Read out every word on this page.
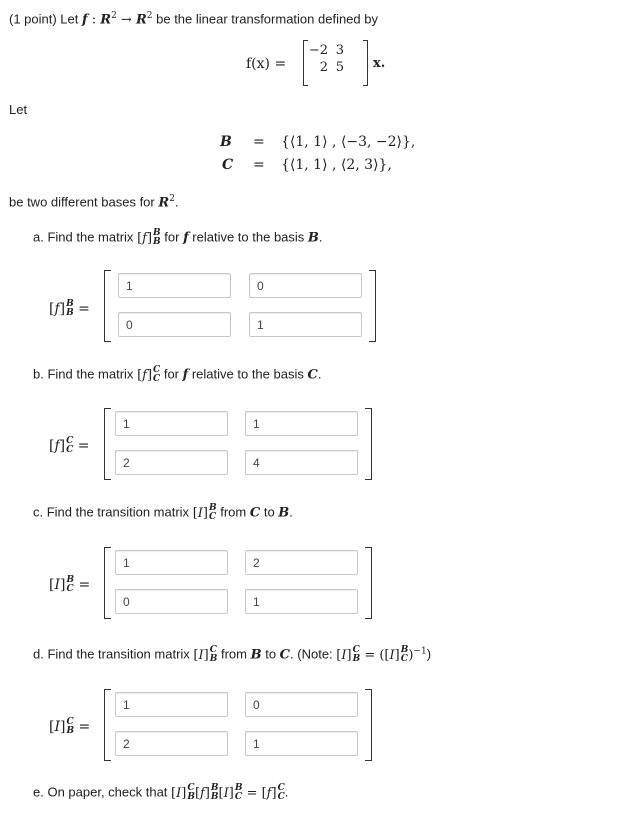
(1 point) Let f : $R^2 \to R^2$ be the linear transformation defined by
f(x) =
−2 3
2 5 x.
Let
B = {⟨1, 1⟩ , ⟨−3, −2⟩},
C = {⟨1, 1⟩ , ⟨2, 3⟩},
be two different bases for $R^2$.
a. Find the matrix [f] B
B for f relative to the basis B.
[f] B
B =
1
0
0
1
b. Find the matrix [f] C
C for f relative to the basis C.
[f] C
C =
1
1
2
4
c. Find the transition matrix [I] B
C from C to B.
[I] B
C =
1
2
0
1
d. Find the transition matrix [I] C
B from B to C. (Note: [I] C
B = ([I] B
C )$^{-1}$)
[I] C
B =
1
0
2
1
e. On paper, check that [I] C
B [f] B
B [I] B
C = [f] C
C .
